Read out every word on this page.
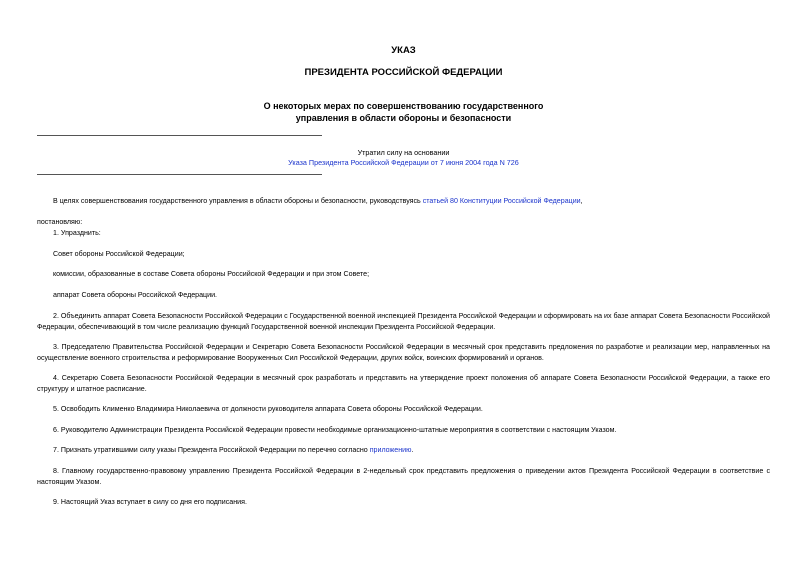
УКАЗ
ПРЕЗИДЕНТА РОССИЙСКОЙ ФЕДЕРАЦИИ
О некоторых мерах по совершенствованию государственного
управления в области обороны и безопасности
Утратил силу на основании
Указа Президента Российской Федерации от 7 июня 2004 года N 726
В целях совершенствования государственного управления в области обороны и безопасности, руководствуясь статьей 80 Конституции Российской Федерации,
постановляю:
1. Упразднить:
Совет обороны Российской Федерации;
комиссии, образованные в составе Совета обороны Российской Федерации и при этом Совете;
аппарат Совета обороны Российской Федерации.
2. Объединить аппарат Совета Безопасности Российской Федерации с Государственной военной инспекцией Президента Российской Федерации и сформировать на их базе аппарат Совета Безопасности Российской Федерации, обеспечивающий в том числе реализацию функций Государственной военной инспекции Президента Российской Федерации.
3. Председателю Правительства Российской Федерации и Секретарю Совета Безопасности Российской Федерации в месячный срок представить предложения по разработке и реализации мер, направленных на осуществление военного строительства и реформирование Вооруженных Сил Российской Федерации, других войск, воинских формирований и органов.
4. Секретарю Совета Безопасности Российской Федерации в месячный срок разработать и представить на утверждение проект положения об аппарате Совета Безопасности Российской Федерации, а также его структуру и штатное расписание.
5. Освободить Клименко Владимира Николаевича от должности руководителя аппарата Совета обороны Российской Федерации.
6. Руководителю Администрации Президента Российской Федерации провести необходимые организационно-штатные мероприятия в соответствии с настоящим Указом.
7. Признать утратившими силу указы Президента Российской Федерации по перечню согласно приложению.
8. Главному государственно-правовому управлению Президента Российской Федерации в 2-недельный срок представить предложения о приведении актов Президента Российской Федерации в соответствие с настоящим Указом.
9. Настоящий Указ вступает в силу со дня его подписания.
